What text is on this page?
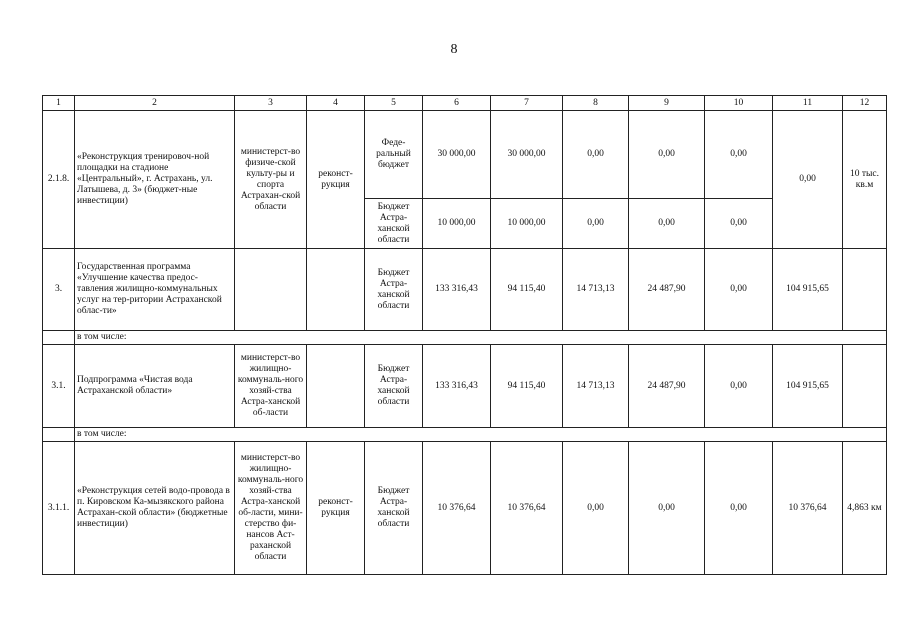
8
1	2	3	4	5	6	7	8	9	10	11	12
2.1.8.	«Реконструкция тренировоч-ной площадки на стадионе «Центральный», г. Астрахань, ул. Латышева, д. 3» (бюджет-ные инвестиции)	министерст-во физиче-ской культу-ры и спорта Астрахан-ской области	реконст-рукция	Феде-ральный бюджет	30 000,00	30 000,00	0,00	0,00	0,00	0,00	10 тыс. кв.м
				Бюджет Астра-ханской области	10 000,00	10 000,00	0,00	0,00	0,00		
3.	Государственная программа «Улучшение качества предос-тавления жилищно-коммунальных услуг на тер-ритории Астраханской облас-ти»			Бюджет Астра-ханской области	133 316,43	94 115,40	14 713,13	24 487,90	0,00	104 915,65	
	в том числе:										
3.1.	Подпрограмма «Чистая вода Астраханской области»	министерст-во жилищно-коммуналь-ного хозяй-ства Астра-ханской об-ласти		Бюджет Астра-ханской области	133 316,43	94 115,40	14 713,13	24 487,90	0,00	104 915,65	
	в том числе:										
3.1.1.	«Реконструкция сетей водо-провода в п. Кировском Ка-мызякского района Астрахан-ской области» (бюджетные инвестиции)	министерст-во жилищно-коммуналь-ного хозяй-ства Астра-ханской об-ласти, мини-стерство фи-нансов Аст-раханской области	реконст-рукция	Бюджет Астра-ханской области	10 376,64	10 376,64	0,00	0,00	0,00	10 376,64	4,863 км
